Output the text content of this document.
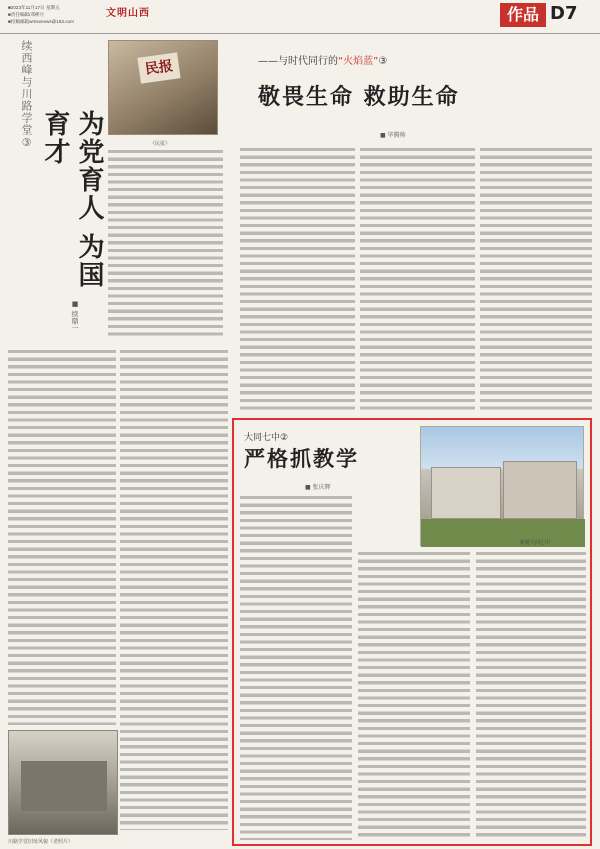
■2023年11月17日 星期五
■责任编辑/邓彬月
■投稿邮箱wmsxnews@163.com
文明山西	作品 D7
续西峰与川路学堂③
为党育人 为国育才
■ 续鼎一
民报
《民报》
川路学堂旧址风貌（老照片）
——与时代同行的“火焰蓝”③
敬畏生命 救助生命
■ 毕腾帅
大同七中②
严格抓教学
■ 张庆辉
新建大同七中
